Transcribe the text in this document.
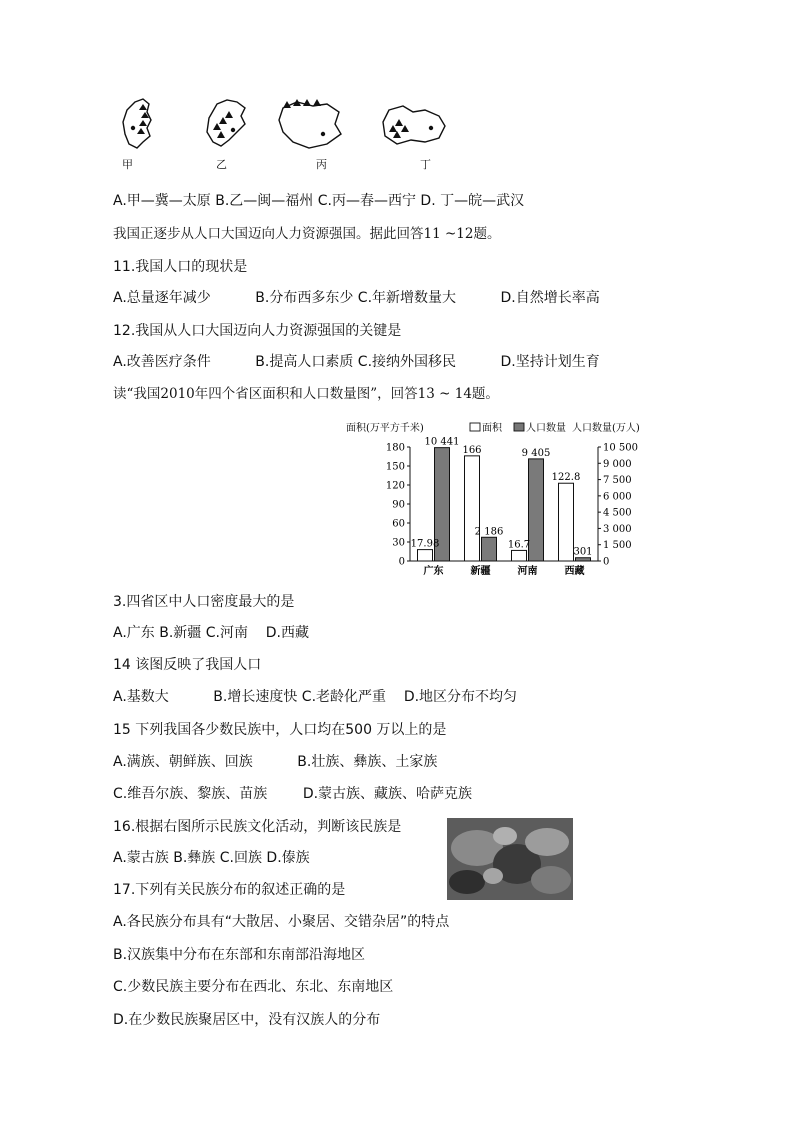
甲	乙	丙	丁
A.甲—冀—太原 B.乙—闽—福州 C.丙—春—西宁 D. 丁—皖—武汉
我国正逐步从人口大国迈向人力资源强国。据此回答11 ~12题。
11.我国人口的现状是
A.总量逐年减少          B.分布西多东少 C.年新增数量大          D.自然增长率高
12.我国从人口大国迈向人力资源强国的关键是
A.改善医疗条件          B.提高人口素质 C.接纳外国移民          D.坚持计划生育
读“我国2010年四个省区面积和人口数量图”，回答13 ~ 14题。
面积(万平方千米)	面积 人口数量 人口数量(万人)
0
30
60
90
120
150
180
0
1 500
3 000
4 500
6 000
7 500
9 000
10 500
17.98
10 441
广东
166
2 186
新疆
16.7
9 405
河南
122.8
301
西藏
3.四省区中人口密度最大的是
A.广东 B.新疆 C.河南    D.西藏
14 该图反映了我国人口
A.基数大          B.增长速度快 C.老龄化严重    D.地区分布不均匀
15 下列我国各少数民族中，人口均在500 万以上的是
A.满族、朝鲜族、回族          B.壮族、彝族、土家族
C.维吾尔族、黎族、苗族        D.蒙古族、藏族、哈萨克族
16.根据右图所示民族文化活动，判断该民族是
A.蒙古族 B.彝族 C.回族 D.傣族
17.下列有关民族分布的叙述正确的是
A.各民族分布具有“大散居、小聚居、交错杂居”的特点
B.汉族集中分布在东部和东南部沿海地区
C.少数民族主要分布在西北、东北、东南地区
D.在少数民族聚居区中，没有汉族人的分布
